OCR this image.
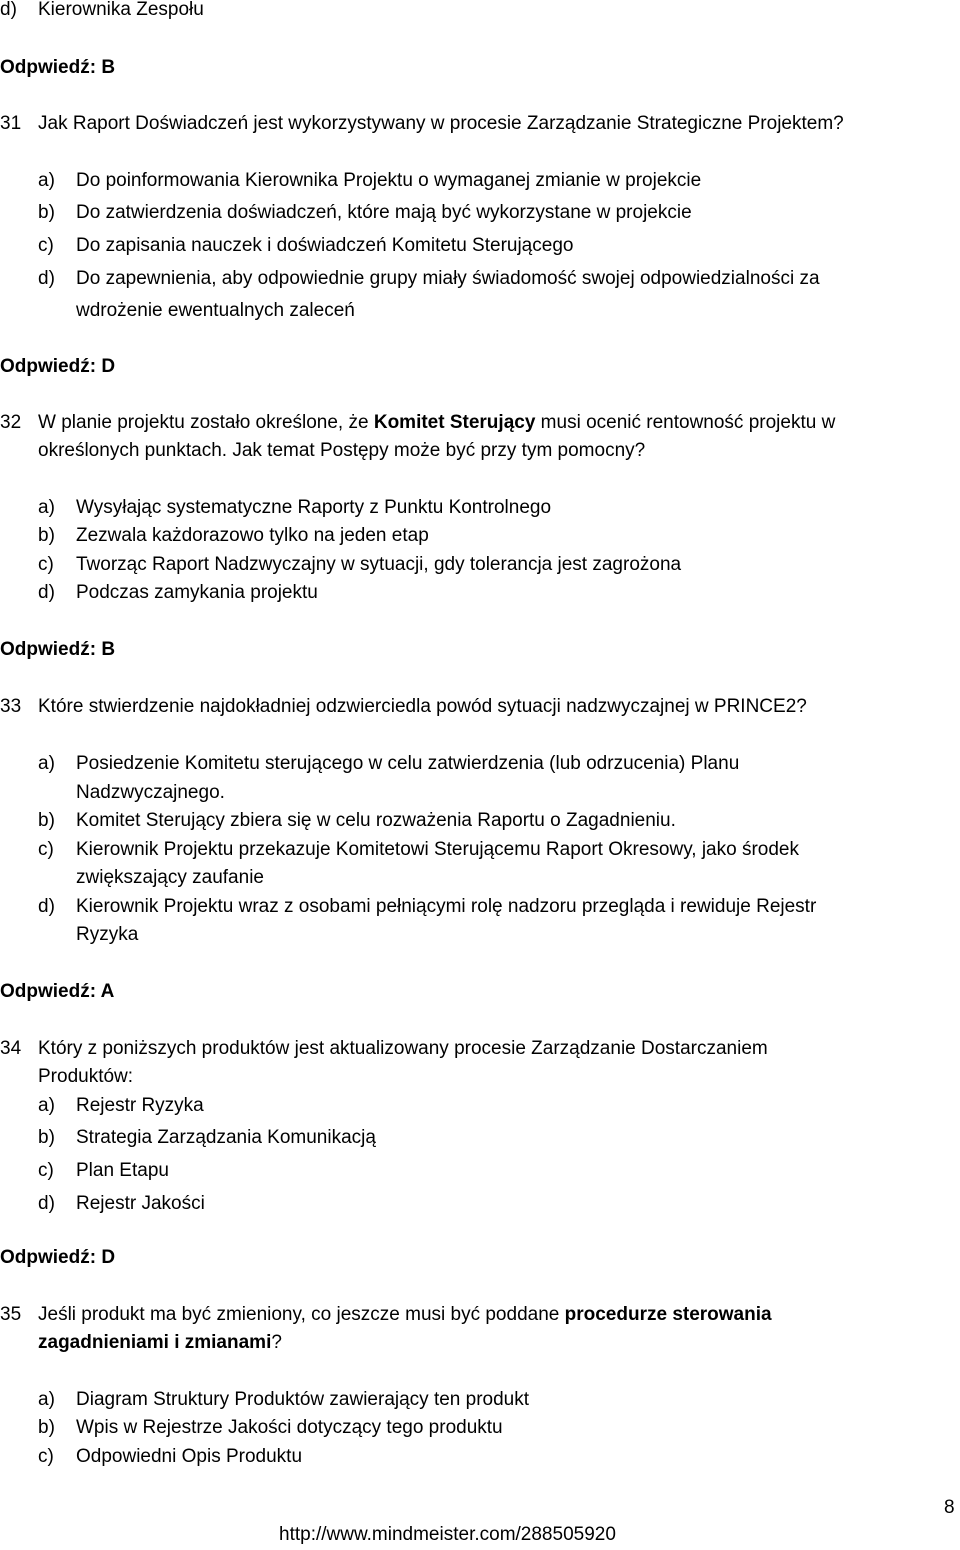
d)	Kierownika Zespołu
Odpwiedź: B
31 Jak Raport Doświadczeń jest wykorzystywany w procesie Zarządzanie Strategiczne Projektem?
a)	Do poinformowania Kierownika Projektu o wymaganej zmianie w projekcie
b)	Do zatwierdzenia doświadczeń, które mają być wykorzystane w projekcie
c)	Do zapisania nauczek i doświadczeń Komitetu Sterującego
d)	Do zapewnienia, aby odpowiednie grupy miały świadomość swojej odpowiedzialności za
wdrożenie ewentualnych zaleceń
Odpwiedź: D
32 W planie projektu zostało określone, że Komitet Sterujący musi ocenić rentowność projektu w
określonych punktach. Jak temat Postępy może być przy tym pomocny?
a)	Wysyłając systematyczne Raporty z Punktu Kontrolnego
b)	Zezwala każdorazowo tylko na jeden etap
c)	Tworząc Raport Nadzwyczajny w sytuacji, gdy tolerancja jest zagrożona
d)	Podczas zamykania projektu
Odpwiedź: B
33 Które stwierdzenie najdokładniej odzwierciedla powód sytuacji nadzwyczajnej w PRINCE2?
a)	Posiedzenie Komitetu sterującego w celu zatwierdzenia (lub odrzucenia) Planu
Nadzwyczajnego.
b)	Komitet Sterujący zbiera się w celu rozważenia Raportu o Zagadnieniu.
c)	Kierownik Projektu przekazuje Komitetowi Sterującemu Raport Okresowy, jako środek
zwiększający zaufanie
d)	Kierownik Projektu wraz z osobami pełniącymi rolę nadzoru przegląda i rewiduje Rejestr
Ryzyka
Odpwiedź: A
34 Który z poniższych produktów jest aktualizowany procesie Zarządzanie Dostarczaniem
Produktów:
a)	Rejestr Ryzyka
b)	Strategia Zarządzania Komunikacją
c)	Plan Etapu
d)	Rejestr Jakości
Odpwiedź: D
35 Jeśli produkt ma być zmieniony, co jeszcze musi być poddane procedurze sterowania
zagadnieniami i zmianami?
a)	Diagram Struktury Produktów zawierający ten produkt
b)	Wpis w Rejestrze Jakości dotyczący tego produktu
c)	Odpowiedni Opis Produktu
8
http://www.mindmeister.com/288505920
